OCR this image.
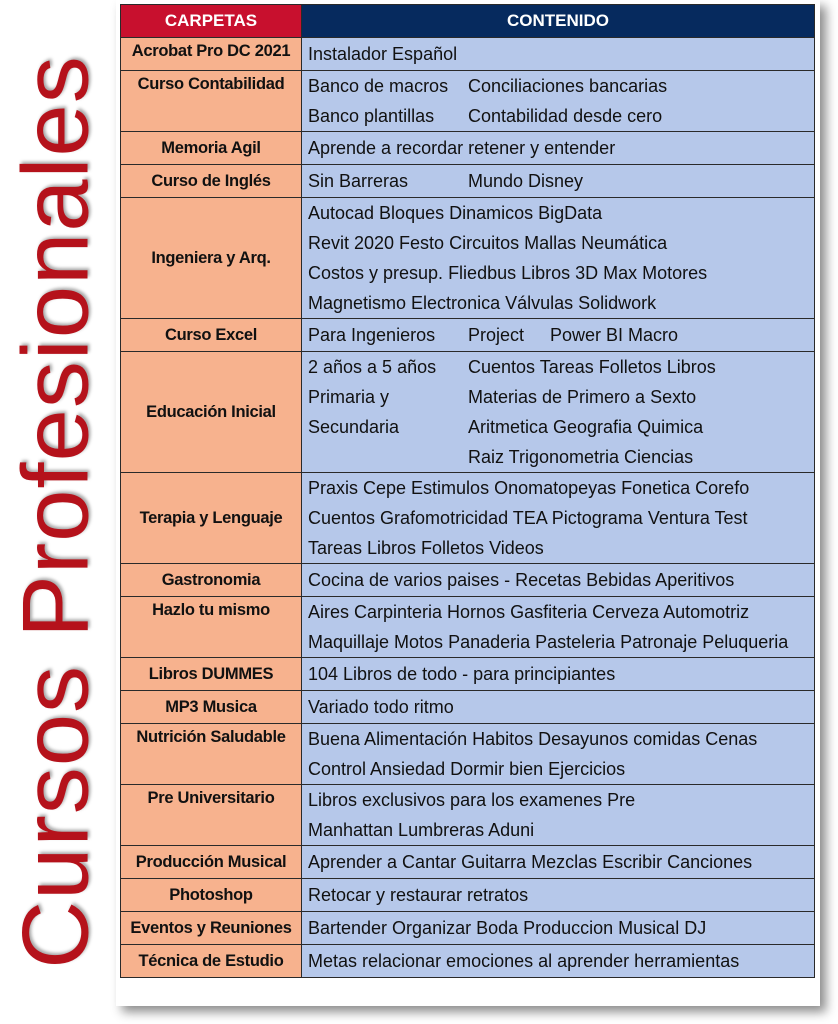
Cursos Profesionales
CARPETAS	CONTENIDO
Acrobat Pro DC 2021	Instalador Español

Curso Contabilidad	Banco de macros Conciliaciones bancarias
Banco plantillas Contabilidad desde cero

Memoria Agil	Aprende a recordar retener y entender

Curso de Inglés	Sin Barreras Mundo Disney

Ingeniera y Arq.	Autocad Bloques Dinamicos BigData
Revit 2020 Festo Circuitos Mallas Neumática
Costos y presup. Fliedbus Libros 3D Max Motores
Magnetismo Electronica Válvulas Solidwork

Curso Excel	Para Ingenieros Project Power BI Macro

Educación Inicial	2 años a 5 años Cuentos Tareas Folletos Libros
Primaria y Materias de Primero a Sexto
Secundaria Aritmetica Geografia Quimica
Raiz Trigonometria Ciencias

Terapia y Lenguaje	Praxis Cepe Estimulos Onomatopeyas Fonetica Corefo
Cuentos Grafomotricidad TEA Pictograma Ventura Test
Tareas Libros Folletos Videos

Gastronomia	Cocina de varios paises - Recetas Bebidas Aperitivos

Hazlo tu mismo	Aires Carpinteria Hornos Gasfiteria Cerveza Automotriz
Maquillaje Motos Panaderia Pasteleria Patronaje Peluqueria

Libros DUMMES	104 Libros de todo - para principiantes

MP3 Musica	Variado todo ritmo

Nutrición Saludable	Buena Alimentación Habitos Desayunos comidas Cenas
Control Ansiedad Dormir bien Ejercicios

Pre Universitario	Libros exclusivos para los examenes Pre
Manhattan Lumbreras Aduni

Producción Musical	Aprender a Cantar Guitarra Mezclas Escribir Canciones

Photoshop	Retocar y restaurar retratos

Eventos y Reuniones	Bartender Organizar Boda Produccion Musical DJ

Técnica de Estudio	Metas relacionar emociones al aprender herramientas
